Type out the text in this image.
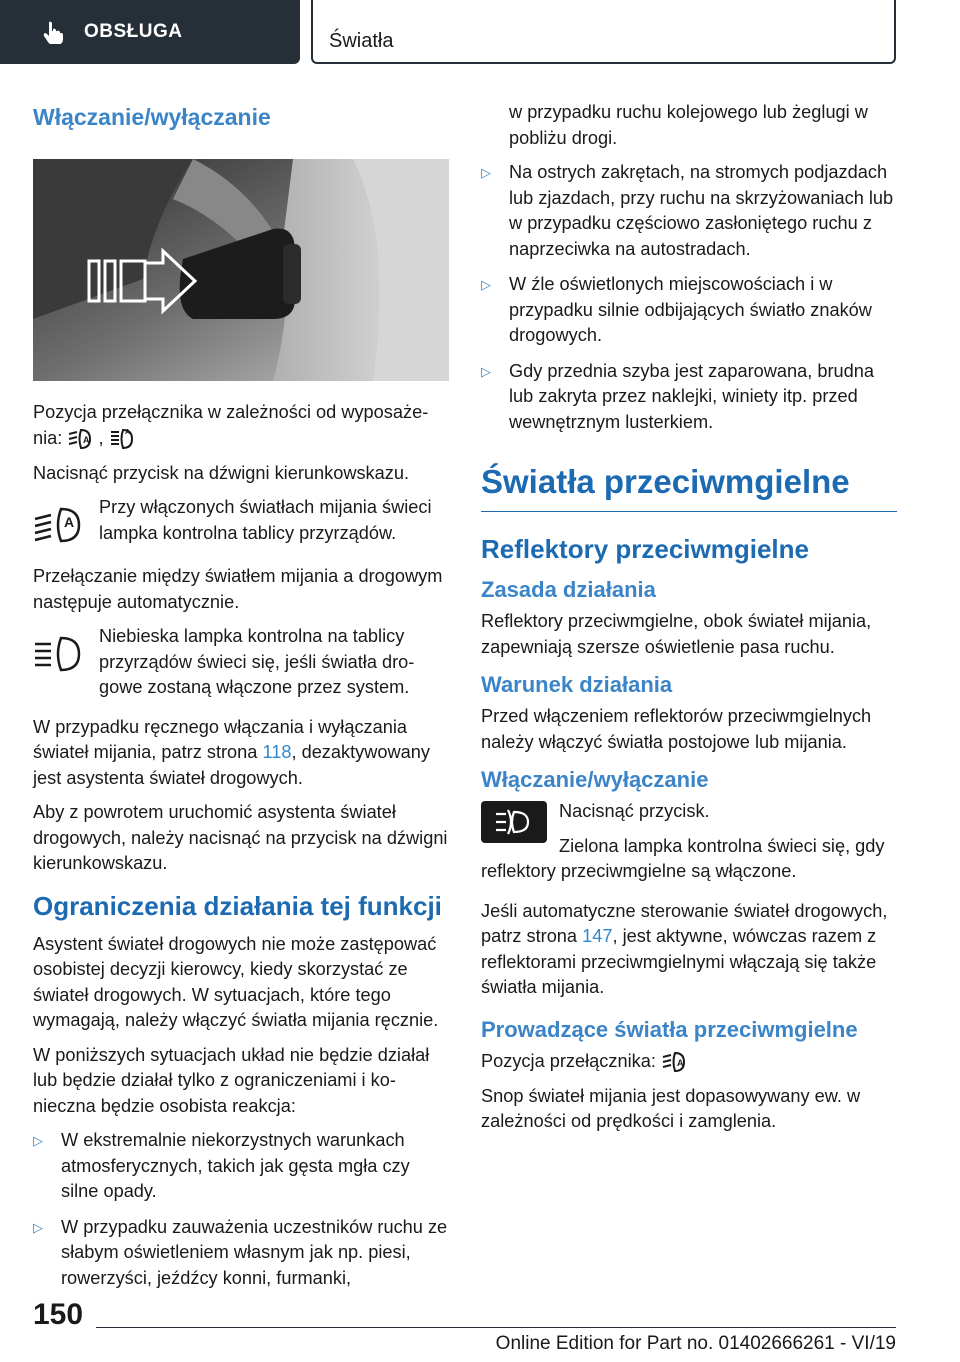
OBSŁUGA	Światła
Włączanie/wyłączanie

Pozycja przełącznika w zależności od wyposażenia: A ,	A

Nacisnąć przycisk na dźwigni kierunkowskazu.

A

Przy włączonych światłach mijania świeci lampka kontrolna tablicy przyrządów.

Przełączanie między światłem mijania a drogowym następuje automatycznie.

Niebieska lampka kontrolna na tablicy przyrządów świeci się, jeśli światła drogowe zostaną włączone przez system.

W przypadku ręcznego włączania i wyłączania świateł mijania, patrz strona 118, dezaktywowany jest asystenta świateł drogowych.

Aby z powrotem uruchomić asystenta świateł drogowych, należy nacisnąć na przycisk na dźwigni kierunkowskazu.

Ograniczenia działania tej funkcji

Asystent świateł drogowych nie może zastępować osobistej decyzji kierowcy, kiedy skorzystać ze świateł drogowych. W sytuacjach, które tego wymagają, należy włączyć światła mijania ręcznie.

W poniższych sytuacjach układ nie będzie działał lub będzie działał tylko z ograniczeniami i konieczna będzie osobista reakcja:

▷ W ekstremalnie niekorzystnych warunkach atmosferycznych, takich jak gęsta mgła czy silne opady.
▷ W przypadku zauważenia uczestników ruchu ze słabym oświetleniem własnym jak np. piesi, rowerzyści, jeźdźcy konni, furmanki,

w przypadku ruchu kolejowego lub żeglugi w pobliżu drogi.

▷ Na ostrych zakrętach, na stromych podjazdach lub zjazdach, przy ruchu na skrzyżowaniach lub w przypadku częściowo zasłoniętego ruchu z naprzeciwka na autostradach.
▷ W źle oświetlonych miejscowościach i w przypadku silnie odbijających światło znaków drogowych.
▷ Gdy przednia szyba jest zaparowana, brudna lub zakryta przez naklejki, winiety itp. przed wewnętrznym lusterkiem.
Światła przeciwmgielne
Reflektory przeciwmgielne
Zasada działania

Reflektory przeciwmgielne, obok świateł mijania, zapewniają szersze oświetlenie pasa ruchu.

Warunek działania

Przed włączeniem reflektorów przeciwmgielnych należy włączyć światła postojowe lub mijania.

Włączanie/wyłączanie

Nacisnąć przycisk.

Zielona lampka kontrolna świeci się, gdy reflektory przeciwmgielne są włączone.

Jeśli automatyczne sterowanie świateł drogowych, patrz strona 147, jest aktywne, wówczas razem z reflektorami przeciwmgielnymi włączają się także światła mijania.

Prowadzące światła przeciwmgielne

Pozycja przełącznika: A

Snop świateł mijania jest dopasowywany ew. w zależności od prędkości i zamglenia.

150
Online Edition for Part no. 01402666261 - VI/19
